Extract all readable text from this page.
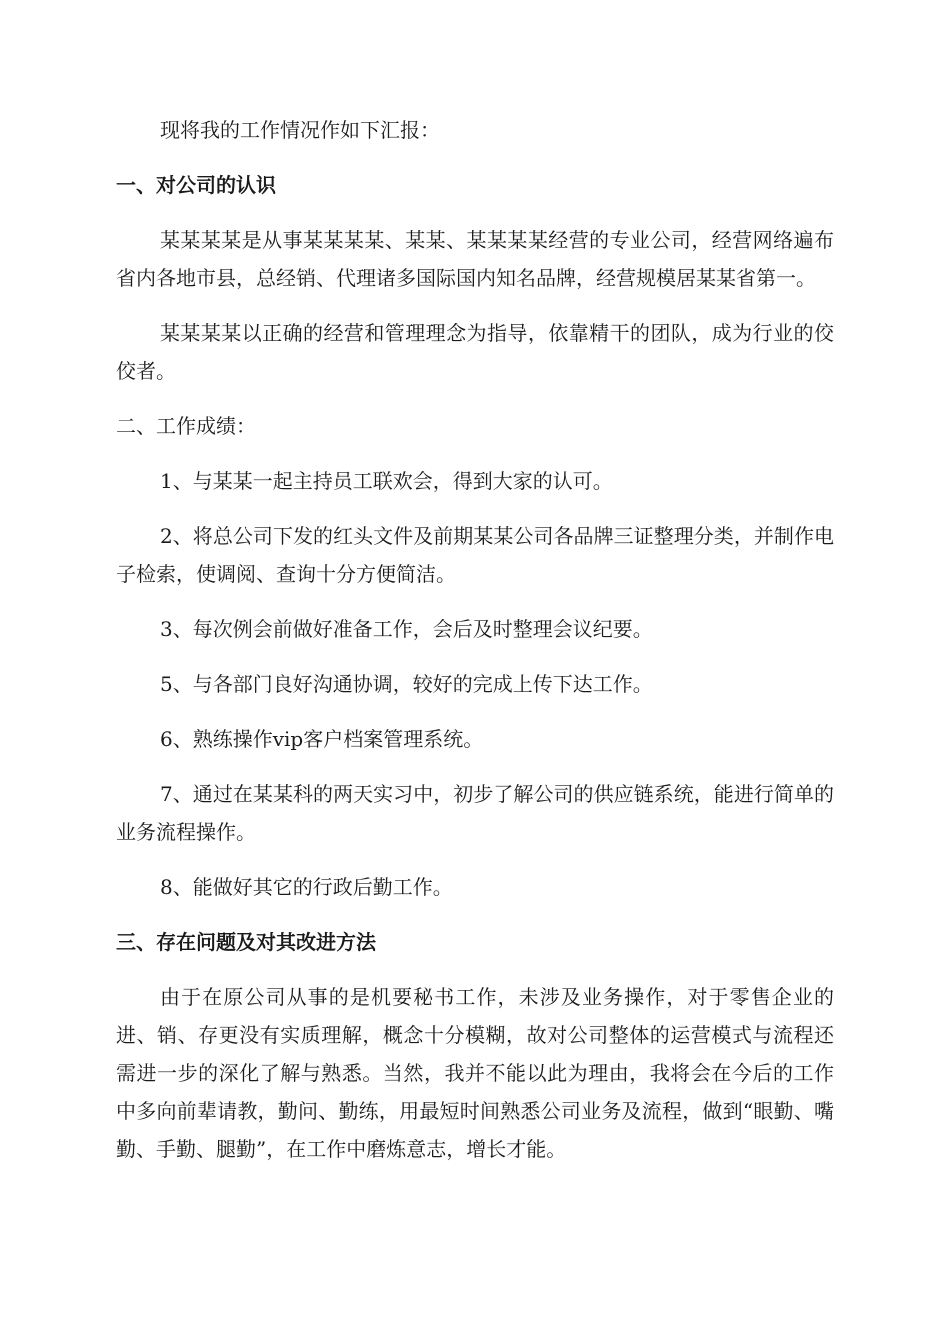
现将我的工作情况作如下汇报：

一、对公司的认识

某某某某是从事某某某某、某某、某某某某经营的专业公司，经营网络遍布省内各地市县，总经销、代理诸多国际国内知名品牌，经营规模居某某省第一。

某某某某以正确的经营和管理理念为指导，依靠精干的团队，成为行业的佼佼者。

二、工作成绩：

1、与某某一起主持员工联欢会，得到大家的认可。

2、将总公司下发的红头文件及前期某某公司各品牌三证整理分类，并制作电子检索，使调阅、查询十分方便简洁。

3、每次例会前做好准备工作，会后及时整理会议纪要。

5、与各部门良好沟通协调，较好的完成上传下达工作。

6、熟练操作vip客户档案管理系统。

7、通过在某某科的两天实习中，初步了解公司的供应链系统，能进行简单的业务流程操作。

8、能做好其它的行政后勤工作。

三、存在问题及对其改进方法

由于在原公司从事的是机要秘书工作，未涉及业务操作，对于零售企业的进、销、存更没有实质理解，概念十分模糊，故对公司整体的运营模式与流程还需进一步的深化了解与熟悉。当然，我并不能以此为理由，我将会在今后的工作中多向前辈请教，勤问、勤练，用最短时间熟悉公司业务及流程，做到“眼勤、嘴勤、手勤、腿勤”，在工作中磨炼意志，增长才能。
